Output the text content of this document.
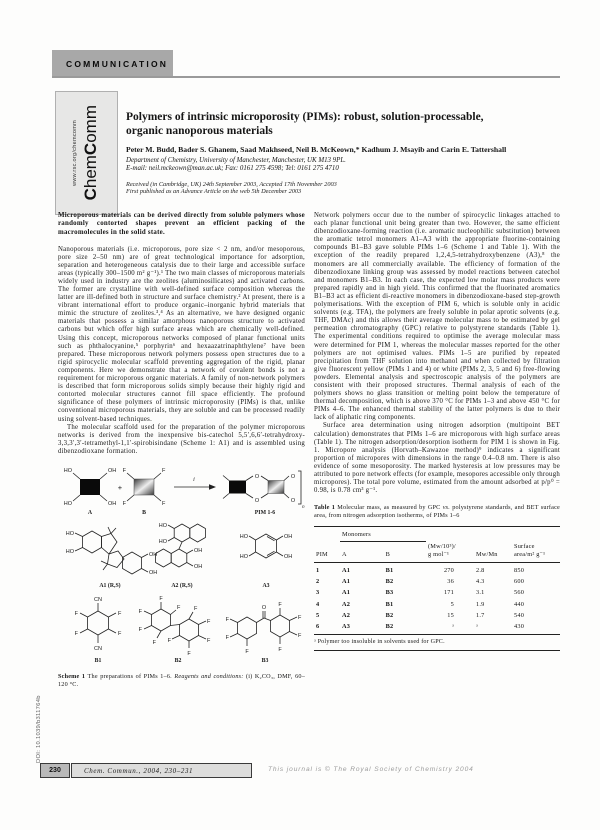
COMMUNICATION
www.rsc.org/chemcomm
ChemComm Polymers of intrinsic microporosity (PIMs): robust, solution-processable,
organic nanoporous materials
Peter M. Budd, Bader S. Ghanem, Saad Makhseed, Neil B. McKeown,* Kadhum J. Msayib and Carin E. Tattershall
Department of Chemistry, University of Manchester, Manchester, UK M13 9PL.
E-mail: neil.mckeown@man.ac.uk; Fax: 0161 275 4598; Tel: 0161 275 4710
Received (in Cambridge, UK) 24th September 2003, Accepted 17th November 2003
First published as an Advance Article on the web 5th December 2003

Microporous materials can be derived directly from soluble polymers whose randomly contorted shapes prevent an efficient packing of the macromolecules in the solid state.

Nanoporous materials (i.e. microporous, pore size < 2 nm, and/or mesoporous, pore size 2–50 nm) are of great technological importance for adsorption, separation and heterogeneous catalysis due to their large and accessible surface areas (typically 300–1500 m² g⁻¹).¹ The two main classes of microporous materials widely used in industry are the zeolites (aluminosilicates) and activated carbons. The former are crystalline with well-defined surface composition whereas the latter are ill-defined both in structure and surface chemistry.² At present, there is a vibrant international effort to produce organic–inorganic hybrid materials that mimic the structure of zeolites.³,⁴ As an alternative, we have designed organic materials that possess a similar amorphous nanoporous structure to activated carbons but which offer high surface areas which are chemically well-defined. Using this concept, microporous networks composed of planar functional units such as phthalocyanine,⁵ porphyrin⁶ and hexaazatrinaphthylene⁷ have been prepared. These microporous network polymers possess open structures due to a rigid spirocyclic molecular scaffold preventing aggregation of the rigid, planar components. Here we demonstrate that a network of covalent bonds is not a requirement for microporous organic materials. A family of non-network polymers is described that form microporous solids simply because their highly rigid and contorted molecular structures cannot fill space efficiently. The profound significance of these polymers of intrinsic microporosity (PIMs) is that, unlike conventional microporous materials, they are soluble and can be processed readily using solvent-based techniques.

The molecular scaffold used for the preparation of the polymer microporous networks is derived from the inexpensive bis-catechol 5,5′,6,6′-tetrahydroxy-3,3,3′,3′-tetramethyl-1,1′-spirobisindane (Scheme 1: A1) and is assembled using dibenzodioxane formation.

HO	OH
HO	OH
A
+
F	F
F	F
B
i	O
O
O
O
n
PIM 1-6
HO
HO	OH
OH
A1 (R,S)
HO
HO
OH
OH
A2 (R,S)
HO
HO
OH
OH
A3
CN
CN
F	F
F	F
B1
F
F
F
F
F F
F
F
F
F
B2
O
F
F
F
F
F
F
F
B3

Scheme 1 The preparations of PIMs 1–6. Reagents and conditions: (i) K₂CO₃, DMF, 60–120 °C.

Network polymers occur due to the number of spirocyclic linkages attached to each planar functional unit being greater than two. However, the same efficient dibenzodioxane-forming reaction (i.e. aromatic nucleophilic substitution) between the aromatic tetrol monomers A1–A3 with the appropriate fluorine-containing compounds B1–B3 gave soluble PIMs 1–6 (Scheme 1 and Table 1). With the exception of the readily prepared 1,2,4,5-tetrahydroxybenzene (A3),⁸ the monomers are all commercially available. The efficiency of formation of the dibenzodioxane linking group was assessed by model reactions between catechol and monomers B1–B3. In each case, the expected low molar mass products were prepared rapidly and in high yield. This confirmed that the fluorinated aromatics B1–B3 act as efficient di-reactive monomers in dibenzodioxane-based step-growth polymerisations. With the exception of PIM 6, which is soluble only in acidic solvents (e.g. TFA), the polymers are freely soluble in polar aprotic solvents (e.g. THF, DMAc) and this allows their average molecular mass to be estimated by gel permeation chromatography (GPC) relative to polystyrene standards (Table 1). The experimental conditions required to optimise the average molecular mass were determined for PIM 1, whereas the molecular masses reported for the other polymers are not optimised values. PIMs 1–5 are purified by repeated precipitation from THF solution into methanol and when collected by filtration give fluorescent yellow (PIMs 1 and 4) or white (PIMs 2, 3, 5 and 6) free-flowing powders. Elemental analysis and spectroscopic analysis of the polymers are consistent with their proposed structures. Thermal analysis of each of the polymers shows no glass transition or melting point below the temperature of thermal decomposition, which is above 370 °C for PIMs 1–3 and above 450 °C for PIMs 4–6. The enhanced thermal stability of the latter polymers is due to their lack of aliphatic ring components.

Surface area determination using nitrogen adsorption (multipoint BET calculation) demonstrates that PIMs 1–6 are microporous with high surface areas (Table 1). The nitrogen adsorption/desorption isotherm for PIM 1 is shown in Fig. 1. Micropore analysis (Horvath–Kawazoe method)⁹ indicates a significant proportion of micropores with dimensions in the range 0.4–0.8 nm. There is also evidence of some mesoporosity. The marked hysteresis at low pressures may be attributed to pore network effects (for example, mesopores accessible only through micropores). The total pore volume, estimated from the amount adsorbed at p/p⁰ = 0.98, is 0.78 cm³ g⁻¹.

Table 1 Molecular mass, as measured by GPC vs. polystyrene standards, and BET surface area, from nitrogen adsorption isotherms, of PIMs 1–6

	Monomers				
PIM	A	B	
(Mw/10³)/
g mol⁻¹	Mw/Mn	
Surface
area/m² g⁻¹

1	A1	B1	270	2.8	850
2	A1	B2	36	4.3	600
3	A1	B3	171	3.1	560
4	A2	B1	5	1.9	440
5	A2	B2	15	1.7	540
6	A3	B2	ᵃ	ᵃ	430
ᵃ Polymer too insoluble in solvents used for GPC.					
DOI: 10.1039/b311764b
230	Chem. Commun., 2004, 230–231	This journal is © The Royal Society of Chemistry 2004
